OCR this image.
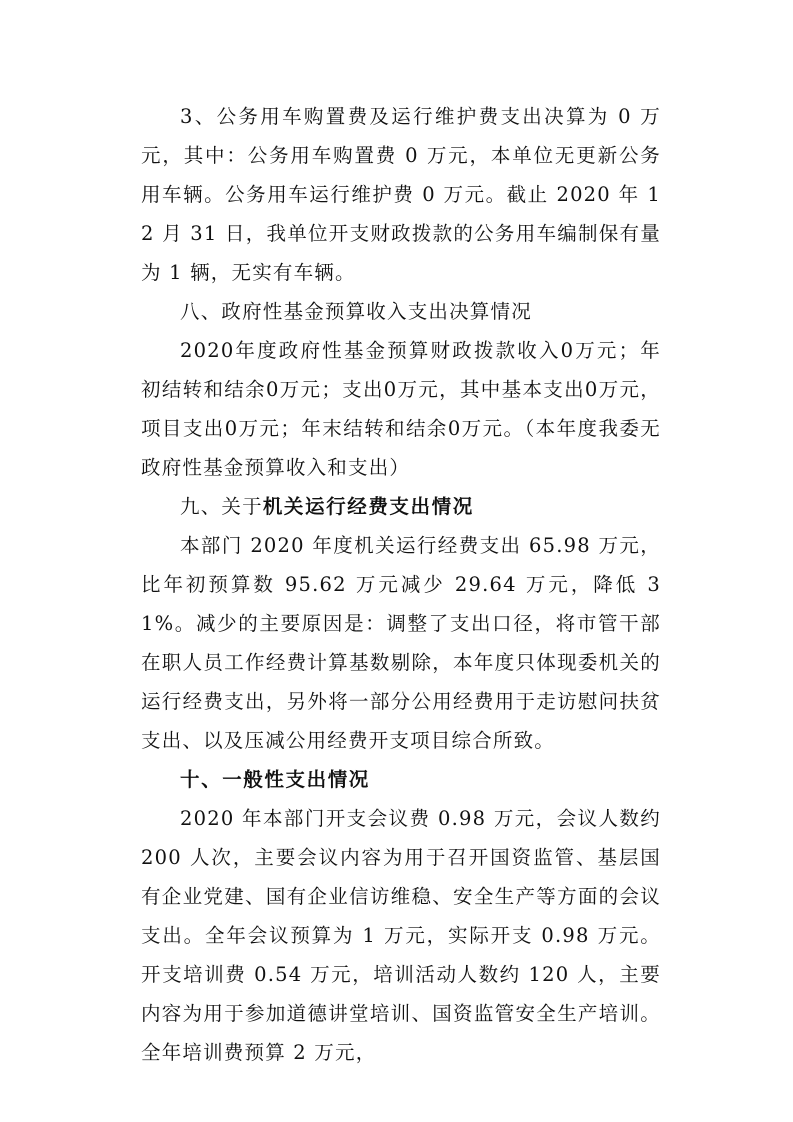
3、公务用车购置费及运行维护费支出决算为 0 万元，其中：公务用车购置费 0 万元，本单位无更新公务用车辆。公务用车运行维护费 0 万元。截止 2020 年 12 月 31 日，我单位开支财政拨款的公务用车编制保有量为 1 辆，无实有车辆。

八、政府性基金预算收入支出决算情况

2020年度政府性基金预算财政拨款收入0万元；年初结转和结余0万元；支出0万元，其中基本支出0万元，项目支出0万元；年末结转和结余0万元。（本年度我委无政府性基金预算收入和支出）

九、关于机关运行经费支出情况

本部门 2020 年度机关运行经费支出 65.98 万元，比年初预算数 95.62 万元减少 29.64 万元，降低 31%。减少的主要原因是：调整了支出口径，将市管干部在职人员工作经费计算基数剔除，本年度只体现委机关的运行经费支出，另外将一部分公用经费用于走访慰问扶贫支出、以及压减公用经费开支项目综合所致。

十、一般性支出情况

2020 年本部门开支会议费 0.98 万元，会议人数约 200 人次，主要会议内容为用于召开国资监管、基层国有企业党建、国有企业信访维稳、安全生产等方面的会议支出。全年会议预算为 1 万元，实际开支 0.98 万元。开支培训费 0.54 万元，培训活动人数约 120 人，主要内容为用于参加道德讲堂培训、国资监管安全生产培训。全年培训费预算 2 万元，
